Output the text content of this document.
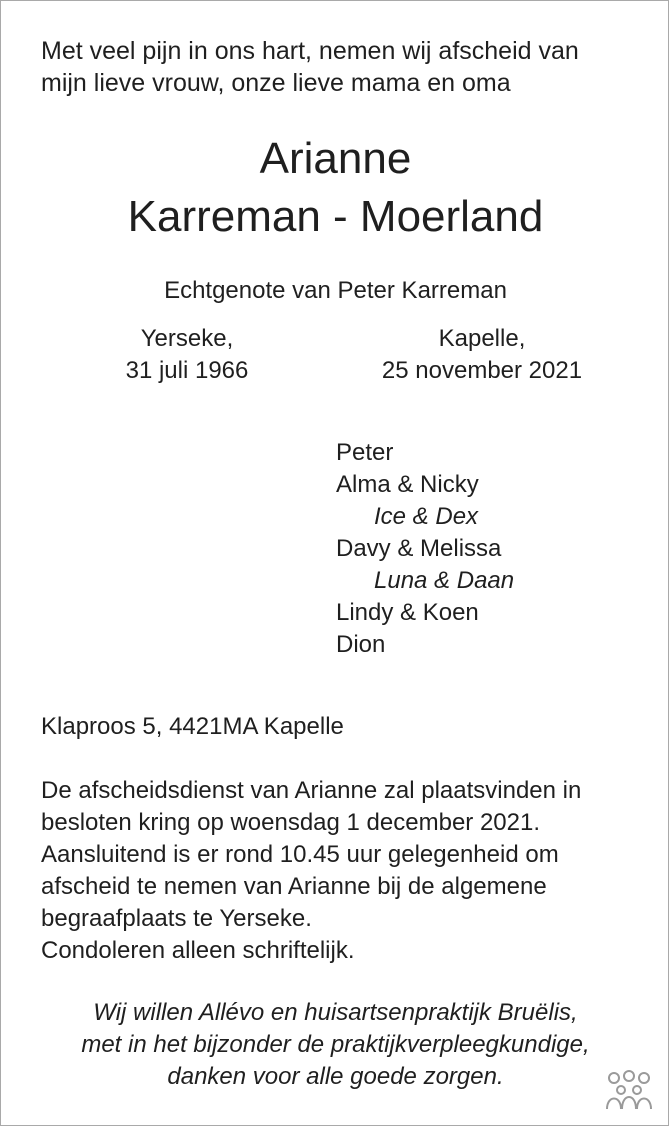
Met veel pijn in ons hart, nemen wij afscheid van
mijn lieve vrouw, onze lieve mama en oma
Arianne
Karreman - Moerland
Echtgenote van Peter Karreman
Yerseke,
31 juli 1966
Kapelle,
25 november 2021
Peter
Alma & Nicky
Ice & Dex
Davy & Melissa
Luna & Daan
Lindy & Koen
Dion
Klaproos 5, 4421MA Kapelle
De afscheidsdienst van Arianne zal plaatsvinden in
besloten kring op woensdag 1 december 2021.
Aansluitend is er rond 10.45 uur gelegenheid om
afscheid te nemen van Arianne bij de algemene
begraafplaats te Yerseke.
Condoleren alleen schriftelijk.
Wij willen Allévo en huisartsenpraktijk Bruëlis,
met in het bijzonder de praktijkverpleegkundige,
danken voor alle goede zorgen.
